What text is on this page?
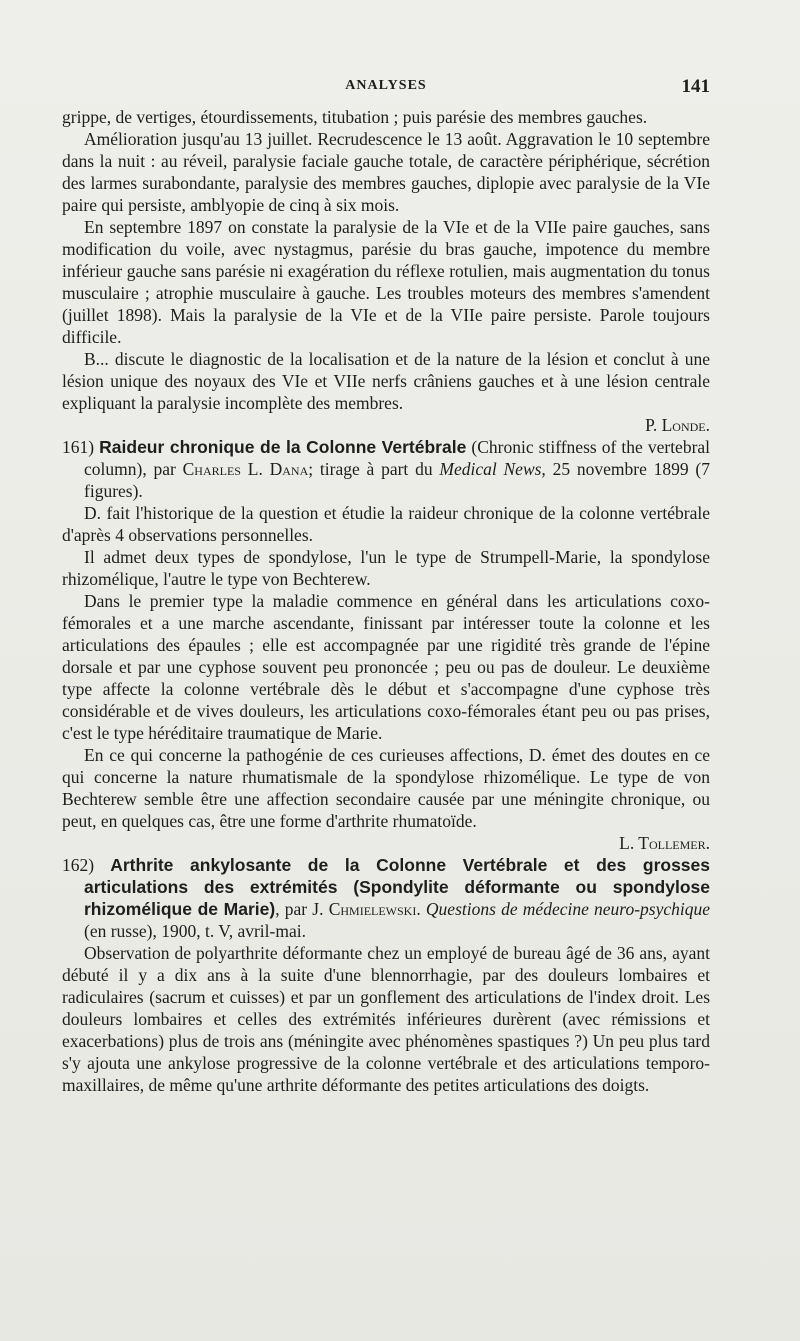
ANALYSES	141

grippe, de vertiges, étourdissements, titubation ; puis parésie des membres gauches.

Amélioration jusqu'au 13 juillet. Recrudescence le 13 août. Aggravation le 10 septembre dans la nuit : au réveil, paralysie faciale gauche totale, de caractère périphérique, sécrétion des larmes surabondante, paralysie des membres gauches, diplopie avec paralysie de la VIe paire qui persiste, amblyopie de cinq à six mois.

En septembre 1897 on constate la paralysie de la VIe et de la VIIe paire gauches, sans modification du voile, avec nystagmus, parésie du bras gauche, impotence du membre inférieur gauche sans parésie ni exagération du réflexe rotulien, mais augmentation du tonus musculaire ; atrophie musculaire à gauche. Les troubles moteurs des membres s'amendent (juillet 1898). Mais la paralysie de la VIe et de la VIIe paire persiste. Parole toujours difficile.

B... discute le diagnostic de la localisation et de la nature de la lésion et conclut à une lésion unique des noyaux des VIe et VIIe nerfs crâniens gauches et à une lésion centrale expliquant la paralysie incomplète des membres.

P. Londe.

161) Raideur chronique de la Colonne Vertébrale (Chronic stiffness of the vertebral column), par Charles L. Dana; tirage à part du Medical News, 25 novembre 1899 (7 figures).

D. fait l'historique de la question et étudie la raideur chronique de la colonne vertébrale d'après 4 observations personnelles.

Il admet deux types de spondylose, l'un le type de Strumpell-Marie, la spondylose rhizomélique, l'autre le type von Bechterew.

Dans le premier type la maladie commence en général dans les articulations coxo-fémorales et a une marche ascendante, finissant par intéresser toute la colonne et les articulations des épaules ; elle est accompagnée par une rigidité très grande de l'épine dorsale et par une cyphose souvent peu prononcée ; peu ou pas de douleur. Le deuxième type affecte la colonne vertébrale dès le début et s'accompagne d'une cyphose très considérable et de vives douleurs, les articulations coxo-fémorales étant peu ou pas prises, c'est le type héréditaire traumatique de Marie.

En ce qui concerne la pathogénie de ces curieuses affections, D. émet des doutes en ce qui concerne la nature rhumatismale de la spondylose rhizomélique. Le type de von Bechterew semble être une affection secondaire causée par une méningite chronique, ou peut, en quelques cas, être une forme d'arthrite rhumatoïde.

L. Tollemer.

162) Arthrite ankylosante de la Colonne Vertébrale et des grosses articulations des extrémités (Spondylite déformante ou spondylose rhizomélique de Marie), par J. Chmielewski. Questions de médecine neuro-psychique (en russe), 1900, t. V, avril-mai.

Observation de polyarthrite déformante chez un employé de bureau âgé de 36 ans, ayant débuté il y a dix ans à la suite d'une blennorrhagie, par des douleurs lombaires et radiculaires (sacrum et cuisses) et par un gonflement des articulations de l'index droit. Les douleurs lombaires et celles des extrémités inférieures durèrent (avec rémissions et exacerbations) plus de trois ans (méningite avec phénomènes spastiques ?) Un peu plus tard s'y ajouta une ankylose progressive de la colonne vertébrale et des articulations temporo-maxillaires, de même qu'une arthrite déformante des petites articulations des doigts.
